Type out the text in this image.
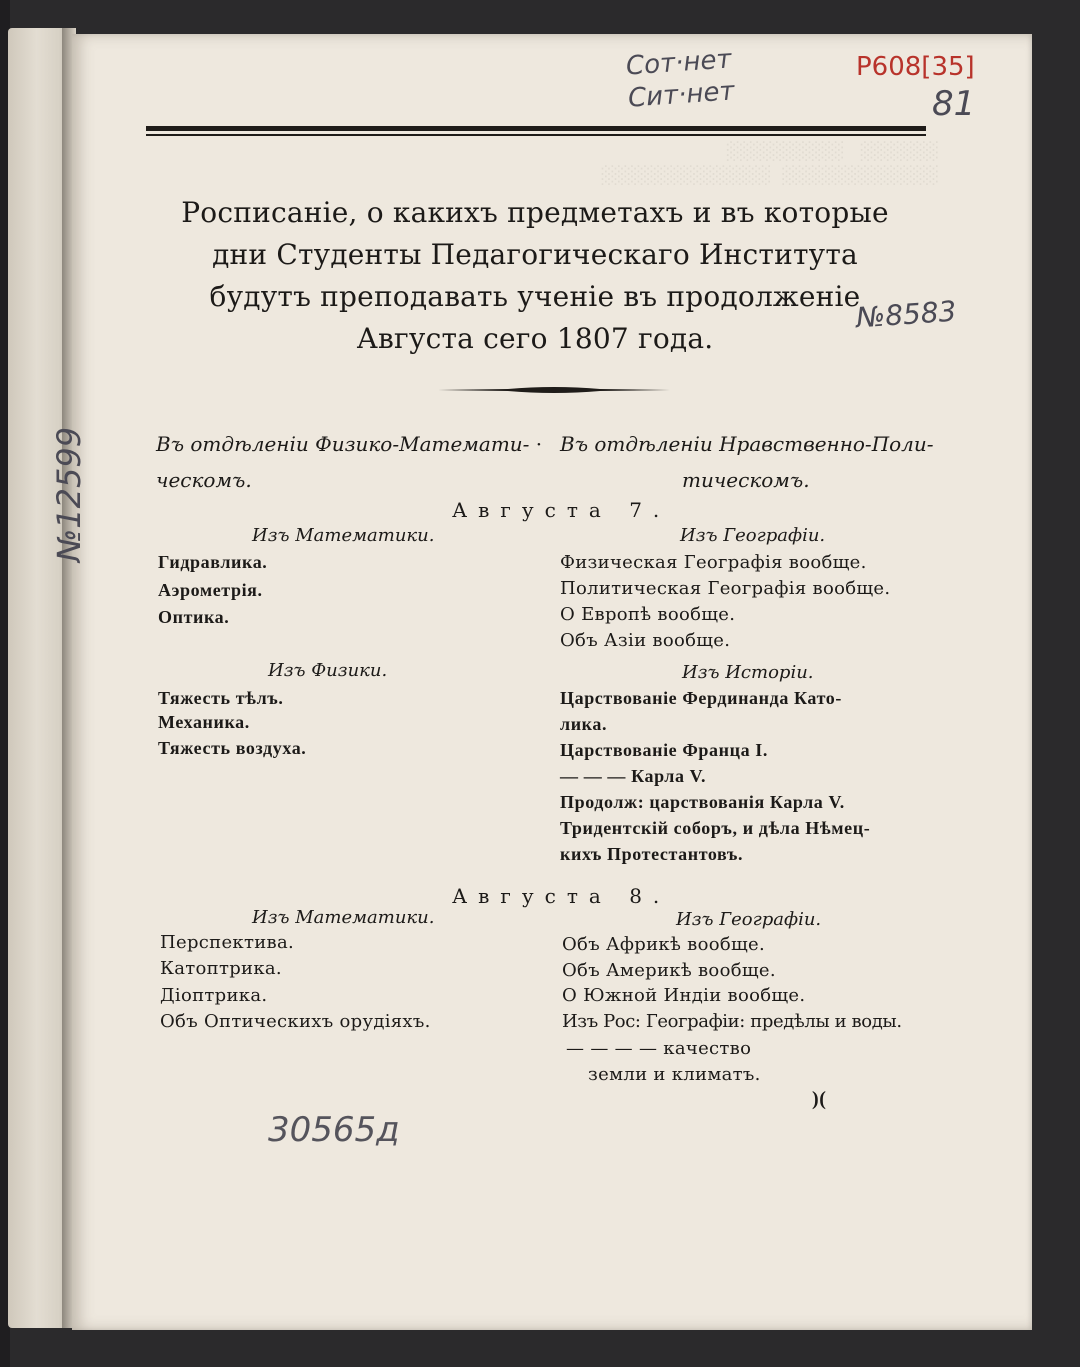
░░░░░░   ░░░░░░░░░
░░░░░░░░░░░░  ░░░░░░░░░░░░░
Росписаніе, о какихъ предметахъ и въ которые
дни Студенты Педагогическаго Института
будутъ преподавать ученіе въ продолженіе
Августа сего 1807 года.
Въ отдѣленіи Физико-Математи- ·
ческомъ.
Въ отдѣленіи Нравственно-Поли-
тическомъ.
Августа 7.
Изъ Математики.
Гидравлика.
Аэрометрія.
Оптика.
Изъ Физики.
Тяжесть тѣлъ.
Механика.
Тяжесть воздуха.
Изъ Географіи.
Физическая Географія вообще.
Политическая Географія вообще.
О Европѣ вообще.
Объ Азіи вообще.
Изъ Исторіи.
Царствованіе Фердинанда Като-
лика.
Царствованіе Франца I.
— — — Карла V.
Продолж: царствованія Карла V.
Тридентскій соборъ, и дѣла Нѣмец-
кихъ Протестантовъ.
Августа 8.
Изъ Математики.
Перспектива.
Катоптрика.
Діоптрика.
Объ Оптическихъ орудіяхъ.
Изъ Географіи.
Объ Африкѣ вообще.
Объ Америкѣ вообще.
О Южной Индіи вообще.
Изъ Рос: Географіи: предѣлы и воды.
— — — — качество
земли и климатъ.
)(
Сот·нет
Сит·нет
Р608[35]
81
№8583
№12599
30565д
